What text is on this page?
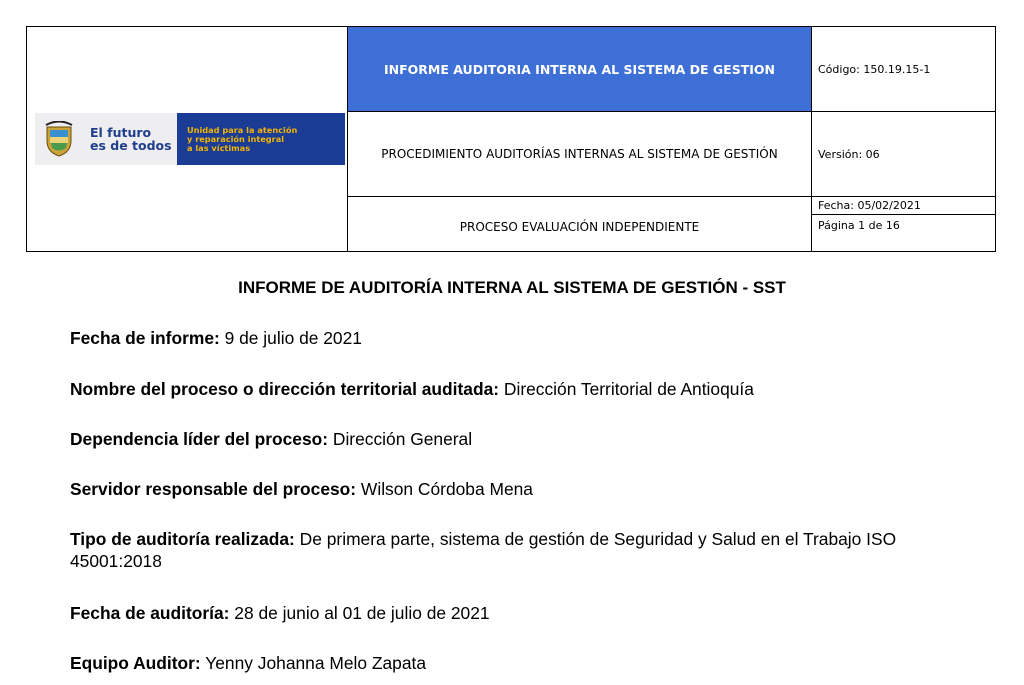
El futuro
es de todos
Unidad para la atención
y reparación integral
a las víctimas	INFORME AUDITORIA INTERNA AL SISTEMA DE GESTION	Código: 150.19.15-1
	PROCEDIMIENTO AUDITORÍAS INTERNAS AL SISTEMA DE GESTIÓN	Versión: 06
	PROCESO EVALUACIÓN INDEPENDIENTE	Fecha: 05/02/2021
Página 1 de 16
INFORME DE AUDITORÍA INTERNA AL SISTEMA DE GESTIÓN - SST
Fecha de informe: 9 de julio de 2021
Nombre del proceso o dirección territorial auditada: Dirección Territorial de Antioquía
Dependencia líder del proceso: Dirección General
Servidor responsable del proceso: Wilson Córdoba Mena
Tipo de auditoría realizada: De primera parte, sistema de gestión de Seguridad y Salud en el Trabajo ISO 45001:2018
Fecha de auditoría: 28 de junio al 01 de julio de 2021
Equipo Auditor: Yenny Johanna Melo Zapata
